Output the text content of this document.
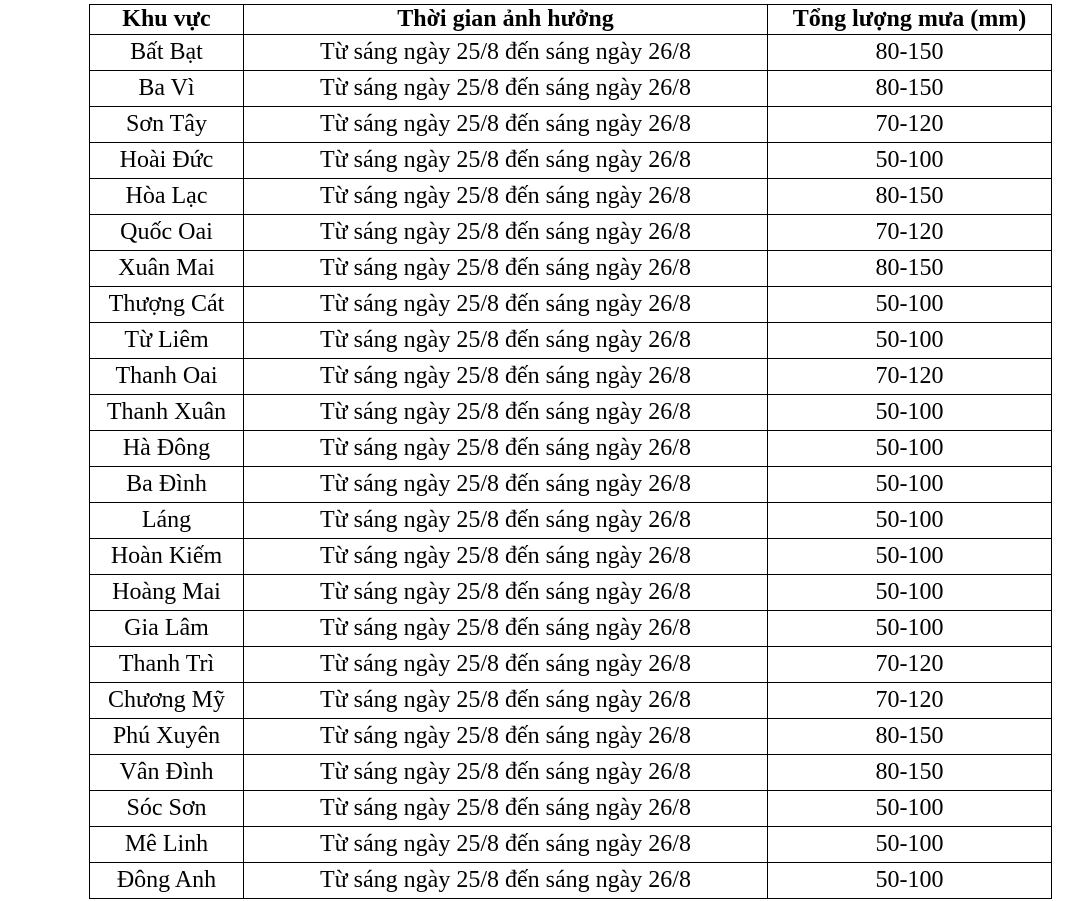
Khu vực	Thời gian ảnh hưởng	Tổng lượng mưa (mm)
Bất Bạt	Từ sáng ngày 25/8 đến sáng ngày 26/8	80-150
Ba Vì	Từ sáng ngày 25/8 đến sáng ngày 26/8	80-150
Sơn Tây	Từ sáng ngày 25/8 đến sáng ngày 26/8	70-120
Hoài Đức	Từ sáng ngày 25/8 đến sáng ngày 26/8	50-100
Hòa Lạc	Từ sáng ngày 25/8 đến sáng ngày 26/8	80-150
Quốc Oai	Từ sáng ngày 25/8 đến sáng ngày 26/8	70-120
Xuân Mai	Từ sáng ngày 25/8 đến sáng ngày 26/8	80-150
Thượng Cát	Từ sáng ngày 25/8 đến sáng ngày 26/8	50-100
Từ Liêm	Từ sáng ngày 25/8 đến sáng ngày 26/8	50-100
Thanh Oai	Từ sáng ngày 25/8 đến sáng ngày 26/8	70-120
Thanh Xuân	Từ sáng ngày 25/8 đến sáng ngày 26/8	50-100
Hà Đông	Từ sáng ngày 25/8 đến sáng ngày 26/8	50-100
Ba Đình	Từ sáng ngày 25/8 đến sáng ngày 26/8	50-100
Láng	Từ sáng ngày 25/8 đến sáng ngày 26/8	50-100
Hoàn Kiếm	Từ sáng ngày 25/8 đến sáng ngày 26/8	50-100
Hoàng Mai	Từ sáng ngày 25/8 đến sáng ngày 26/8	50-100
Gia Lâm	Từ sáng ngày 25/8 đến sáng ngày 26/8	50-100
Thanh Trì	Từ sáng ngày 25/8 đến sáng ngày 26/8	70-120
Chương Mỹ	Từ sáng ngày 25/8 đến sáng ngày 26/8	70-120
Phú Xuyên	Từ sáng ngày 25/8 đến sáng ngày 26/8	80-150
Vân Đình	Từ sáng ngày 25/8 đến sáng ngày 26/8	80-150
Sóc Sơn	Từ sáng ngày 25/8 đến sáng ngày 26/8	50-100
Mê Linh	Từ sáng ngày 25/8 đến sáng ngày 26/8	50-100
Đông Anh	Từ sáng ngày 25/8 đến sáng ngày 26/8	50-100
